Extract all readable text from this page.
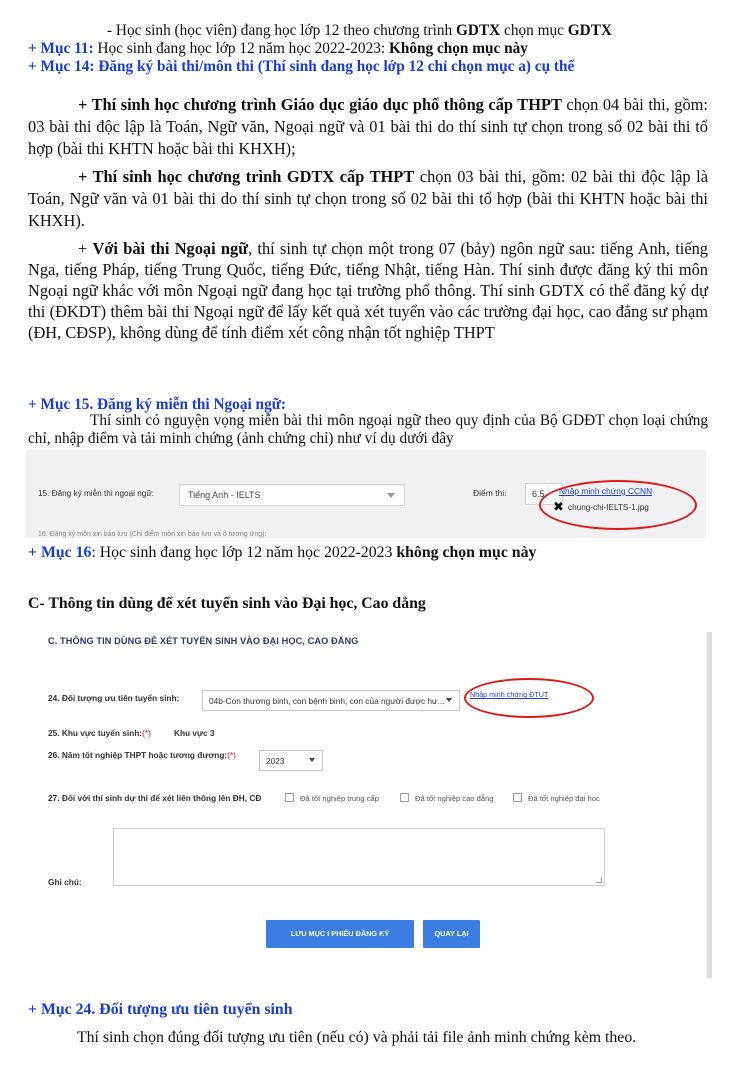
- Học sinh (học viên) đang học lớp 12 theo chương trình GDTX chọn mục GDTX
+ Mục 11: Học sinh đang học lớp 12 năm học 2022-2023: Không chọn mục này
+ Mục 14: Đăng ký bài thi/môn thi (Thí sinh đang học lớp 12 chỉ chọn mục a) cụ thể

+ Thí sinh học chương trình Giáo dục giáo dục phổ thông cấp THPT chọn 04 bài thi, gồm: 03 bài thi độc lập là Toán, Ngữ văn, Ngoại ngữ và 01 bài thi do thí sinh tự chọn trong số 02 bài thi tổ hợp (bài thi KHTN hoặc bài thi KHXH);

+ Thí sinh học chương trình GDTX cấp THPT chọn 03 bài thi, gồm: 02 bài thi độc lập là Toán, Ngữ văn và 01 bài thi do thí sinh tự chọn trong số 02 bài thi tổ hợp (bài thi KHTN hoặc bài thi KHXH).

+ Với bài thi Ngoại ngữ, thí sinh tự chọn một trong 07 (bảy) ngôn ngữ sau: tiếng Anh, tiếng Nga, tiếng Pháp, tiếng Trung Quốc, tiếng Đức, tiếng Nhật, tiếng Hàn. Thí sinh được đăng ký thi môn Ngoại ngữ khác với môn Ngoại ngữ đang học tại trường phổ thông. Thí sinh GDTX có thể đăng ký dự thi (ĐKDT) thêm bài thi Ngoại ngữ để lấy kết quả xét tuyển vào các trường đại học, cao đẳng sư phạm (ĐH, CĐSP), không dùng để tính điểm xét công nhận tốt nghiệp THPT

+ Mục 15. Đăng ký miễn thi Ngoại ngữ:
Thí sinh có nguyện vọng miễn bài thi môn ngoại ngữ theo quy định của Bộ GDĐT chọn loại chứng chỉ, nhập điểm và tải minh chứng (ảnh chứng chỉ) như ví dụ dưới đây
15. Đăng ký miễn thi ngoại ngữ:	Tiếng Anh - IELTS	Điểm thi:	6.5	Nhập minh chứng CCNN
✖ chung-chi-IELTS-1.jpg
16. Đăng ký môn xin bảo lưu (Chỉ điểm môn xin bảo lưu và ô tương ứng):
+ Mục 16: Học sinh đang học lớp 12 năm học 2022-2023 không chọn mục này
C- Thông tin dùng để xét tuyển sinh vào Đại học, Cao dẳng
C. THÔNG TIN DÙNG ĐỂ XÉT TUYỂN SINH VÀO ĐẠI HỌC, CAO ĐẲNG
24. Đối tượng ưu tiên tuyển sinh:	04b-Con thương binh, con bệnh binh, con của người được hư...
Nhập minh chứng ĐTUT
25. Khu vực tuyển sinh:(*)	Khu vực 3
26. Năm tốt nghiệp THPT hoặc tương đương:(*)
2023
27. Đối với thí sinh dự thi để xét liên thông lên ĐH, CĐ	Đã tốt nghiệp trung cấp	Đã tốt nghiệp cao đẳng	Đã tốt nghiệp đại học
Ghi chú:
LƯU MỤC I PHIẾU ĐĂNG KÝ	QUAY LẠI
+ Mục 24. Đối tượng ưu tiên tuyển sinh
Thí sinh chọn đúng đối tượng ưu tiên (nếu có) và phải tải file ảnh minh chứng kèm theo.
